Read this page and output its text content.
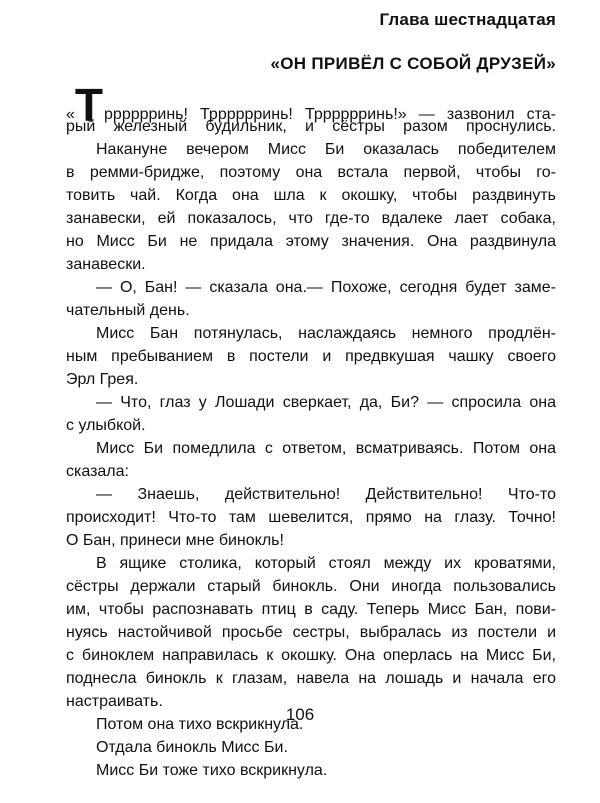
Глава шестнадцатая
«ОН ПРИВЁЛ С СОБОЙ ДРУЗЕЙ»
«Трррррринь! Трррррринь! Трррррринь!» — зазвонил ста-
рый железный будильник, и сёстры разом проснулись.
Накануне вечером Мисс Би оказалась победителем
в ремми-бридже, поэтому она встала первой, чтобы го-
товить чай. Когда она шла к окошку, чтобы раздвинуть
занавески, ей показалось, что где-то вдалеке лает собака,
но Мисс Би не придала этому значения. Она раздвинула
занавески.
— О, Бан! — сказала она.— Похоже, сегодня будет заме-
чательный день.
Мисс Бан потянулась, наслаждаясь немного продлён-
ным пребыванием в постели и предвкушая чашку своего
Эрл Грея.
— Что, глаз у Лошади сверкает, да, Би? — спросила она
с улыбкой.
Мисс Би помедлила с ответом, всматриваясь. Потом она
сказала:
— Знаешь, действительно! Действительно! Что-то
происходит! Что-то там шевелится, прямо на глазу. Точно!
О Бан, принеси мне бинокль!
В ящике столика, который стоял между их кроватями,
сёстры держали старый бинокль. Они иногда пользовались
им, чтобы распознавать птиц в саду. Теперь Мисс Бан, пови-
нуясь настойчивой просьбе сестры, выбралась из постели и
с биноклем направилась к окошку. Она оперлась на Мисс Би,
поднесла бинокль к глазам, навела на лошадь и начала его
настраивать.
Потом она тихо вскрикнула.
Отдала бинокль Мисс Би.
Мисс Би тоже тихо вскрикнула.
106
